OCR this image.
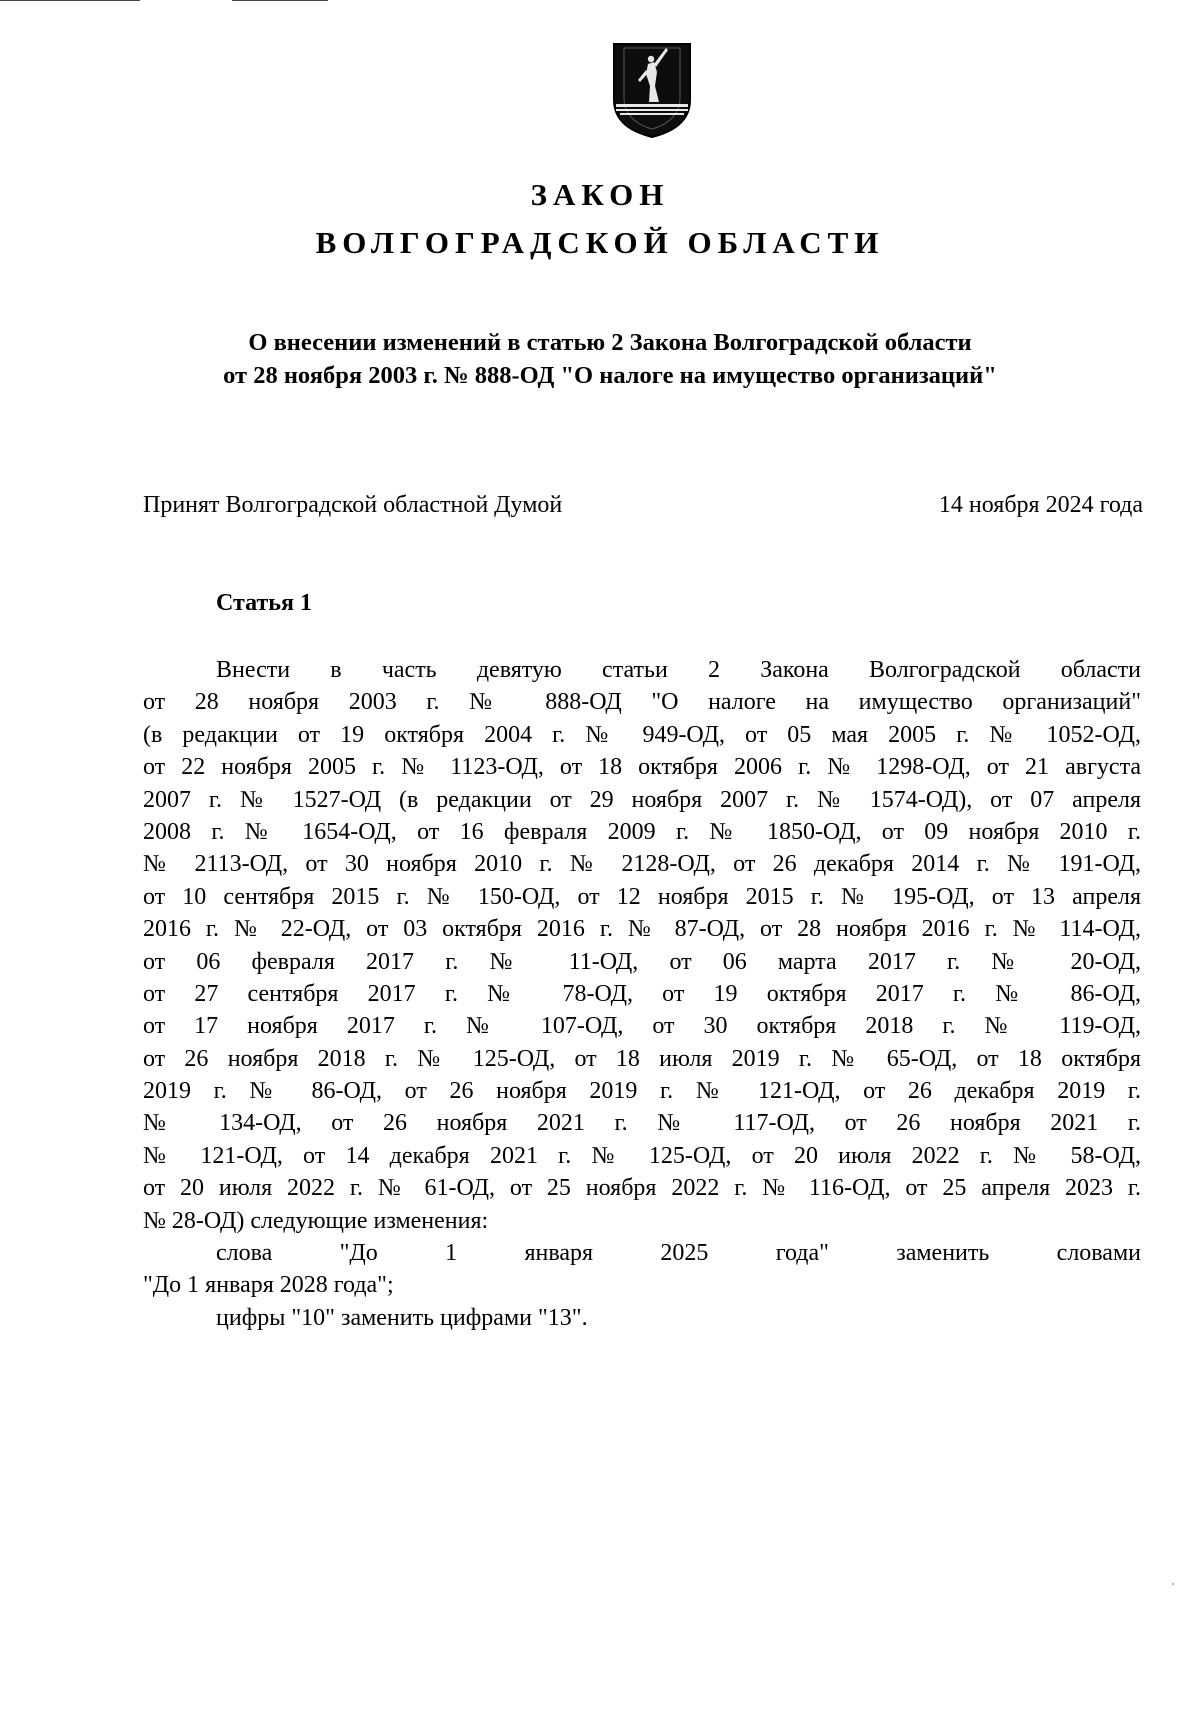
ЗАКОН
ВОЛГОГРАДСКОЙ ОБЛАСТИ
О внесении изменений в статью 2 Закона Волгоградской области
от 28 ноября 2003 г. № 888-ОД "О налоге на имущество организаций"
Принят Волгоградской областной Думой	14 ноября 2024 года
Статья 1
Внести в часть девятую статьи 2 Закона Волгоградской области
от 28 ноября 2003 г. № 888-ОД "О налоге на имущество организаций"
(в редакции от 19 октября 2004 г. № 949-ОД, от 05 мая 2005 г. № 1052-ОД,
от 22 ноября 2005 г. № 1123-ОД, от 18 октября 2006 г. № 1298-ОД, от 21 августа
2007 г. № 1527-ОД (в редакции от 29 ноября 2007 г. № 1574-ОД), от 07 апреля
2008 г. № 1654-ОД, от 16 февраля 2009 г. № 1850-ОД, от 09 ноября 2010 г.
№ 2113-ОД, от 30 ноября 2010 г. № 2128-ОД, от 26 декабря 2014 г. № 191-ОД,
от 10 сентября 2015 г. № 150-ОД, от 12 ноября 2015 г. № 195-ОД, от 13 апреля
2016 г. № 22-ОД, от 03 октября 2016 г. № 87-ОД, от 28 ноября 2016 г. № 114-ОД,
от 06 февраля 2017 г. № 11-ОД, от 06 марта 2017 г. № 20-ОД,
от 27 сентября 2017 г. № 78-ОД, от 19 октября 2017 г. № 86-ОД,
от 17 ноября 2017 г. № 107-ОД, от 30 октября 2018 г. № 119-ОД,
от 26 ноября 2018 г. № 125-ОД, от 18 июля 2019 г. № 65-ОД, от 18 октября
2019 г. № 86-ОД, от 26 ноября 2019 г. № 121-ОД, от 26 декабря 2019 г.
№ 134-ОД, от 26 ноября 2021 г. № 117-ОД, от 26 ноября 2021 г.
№ 121-ОД, от 14 декабря 2021 г. № 125-ОД, от 20 июля 2022 г. № 58-ОД,
от 20 июля 2022 г. № 61-ОД, от 25 ноября 2022 г. № 116-ОД, от 25 апреля 2023 г.
№ 28-ОД) следующие изменения:
слова "До 1 января 2025 года" заменить словами
"До 1 января 2028 года";
цифры "10" заменить цифрами "13".
